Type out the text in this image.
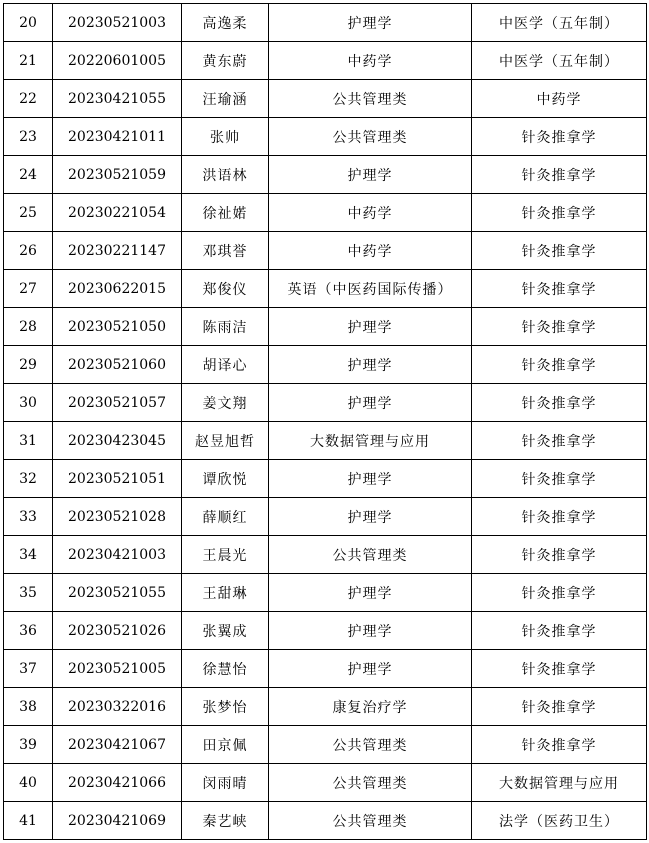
20	20230521003	高逸柔	护理学	中医学（五年制）
21	20220601005	黄东蔚	中药学	中医学（五年制）
22	20230421055	汪瑜涵	公共管理类	中药学
23	20230421011	张帅	公共管理类	针灸推拿学
24	20230521059	洪语林	护理学	针灸推拿学
25	20230221054	徐祉婼	中药学	针灸推拿学
26	20230221147	邓琪誉	中药学	针灸推拿学
27	20230622015	郑俊仪	英语（中医药国际传播）	针灸推拿学
28	20230521050	陈雨洁	护理学	针灸推拿学
29	20230521060	胡译心	护理学	针灸推拿学
30	20230521057	姜文翔	护理学	针灸推拿学
31	20230423045	赵昱旭哲	大数据管理与应用	针灸推拿学
32	20230521051	谭欣悦	护理学	针灸推拿学
33	20230521028	薛顺红	护理学	针灸推拿学
34	20230421003	王晨光	公共管理类	针灸推拿学
35	20230521055	王甜琳	护理学	针灸推拿学
36	20230521026	张翼成	护理学	针灸推拿学
37	20230521005	徐慧怡	护理学	针灸推拿学
38	20230322016	张梦怡	康复治疗学	针灸推拿学
39	20230421067	田京佩	公共管理类	针灸推拿学
40	20230421066	闵雨晴	公共管理类	大数据管理与应用
41	20230421069	秦艺峡	公共管理类	法学（医药卫生）
